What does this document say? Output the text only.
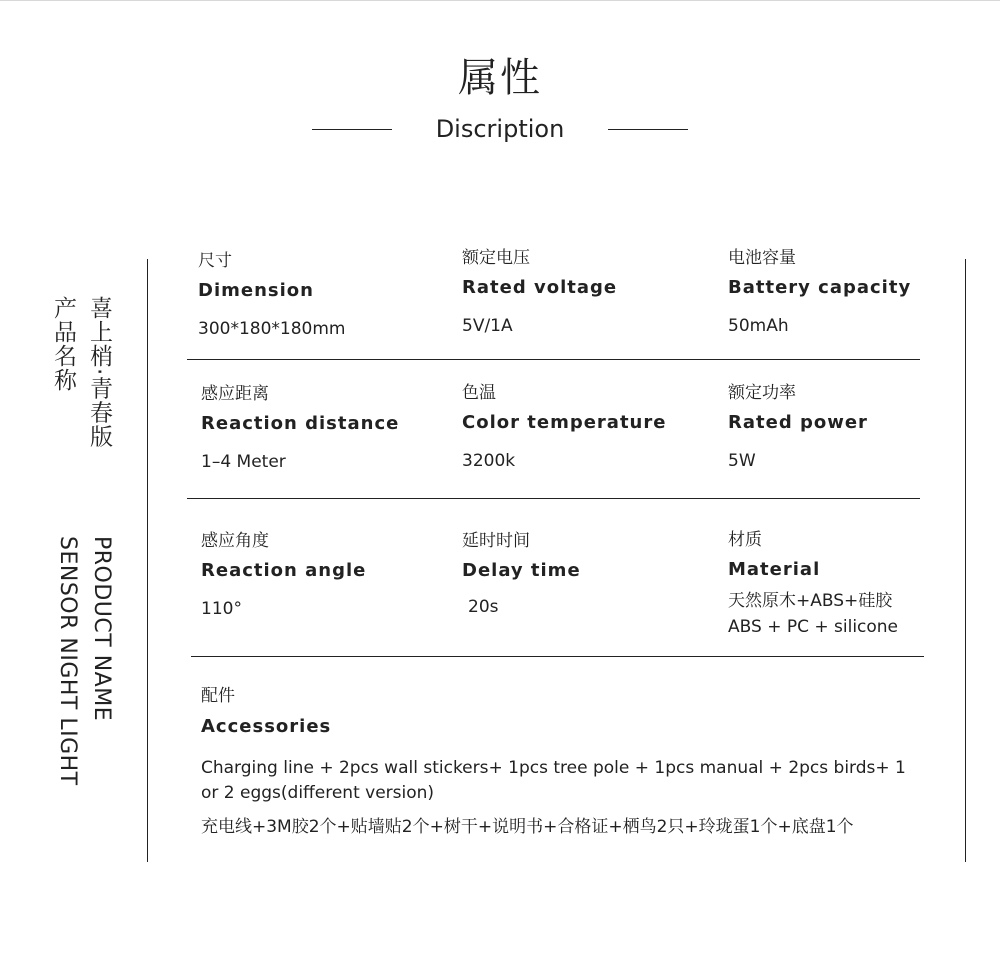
属性
Discription
产品名称 喜上梢·青春版
SENSOR NIGHT LIGHT PRODUCT NAME
尺寸
Dimension
300*180*180mm
额定电压
Rated voltage
5V/1A
电池容量
Battery capacity
50mAh
感应距离
Reaction distance
1–4 Meter
色温
Color temperature
3200k
额定功率
Rated power
5W
感应角度
Reaction angle
110°
延时时间
Delay time
20s
材质
Material
天然原木+ABS+硅胶
ABS + PC + silicone
配件
Accessories
Charging line + 2pcs wall stickers+ 1pcs tree pole + 1pcs manual + 2pcs birds+ 1 or 2 eggs(different version)
充电线+3M胶2个+贴墙贴2个+树干+说明书+合格证+栖鸟2只+玲珑蛋1个+底盘1个
